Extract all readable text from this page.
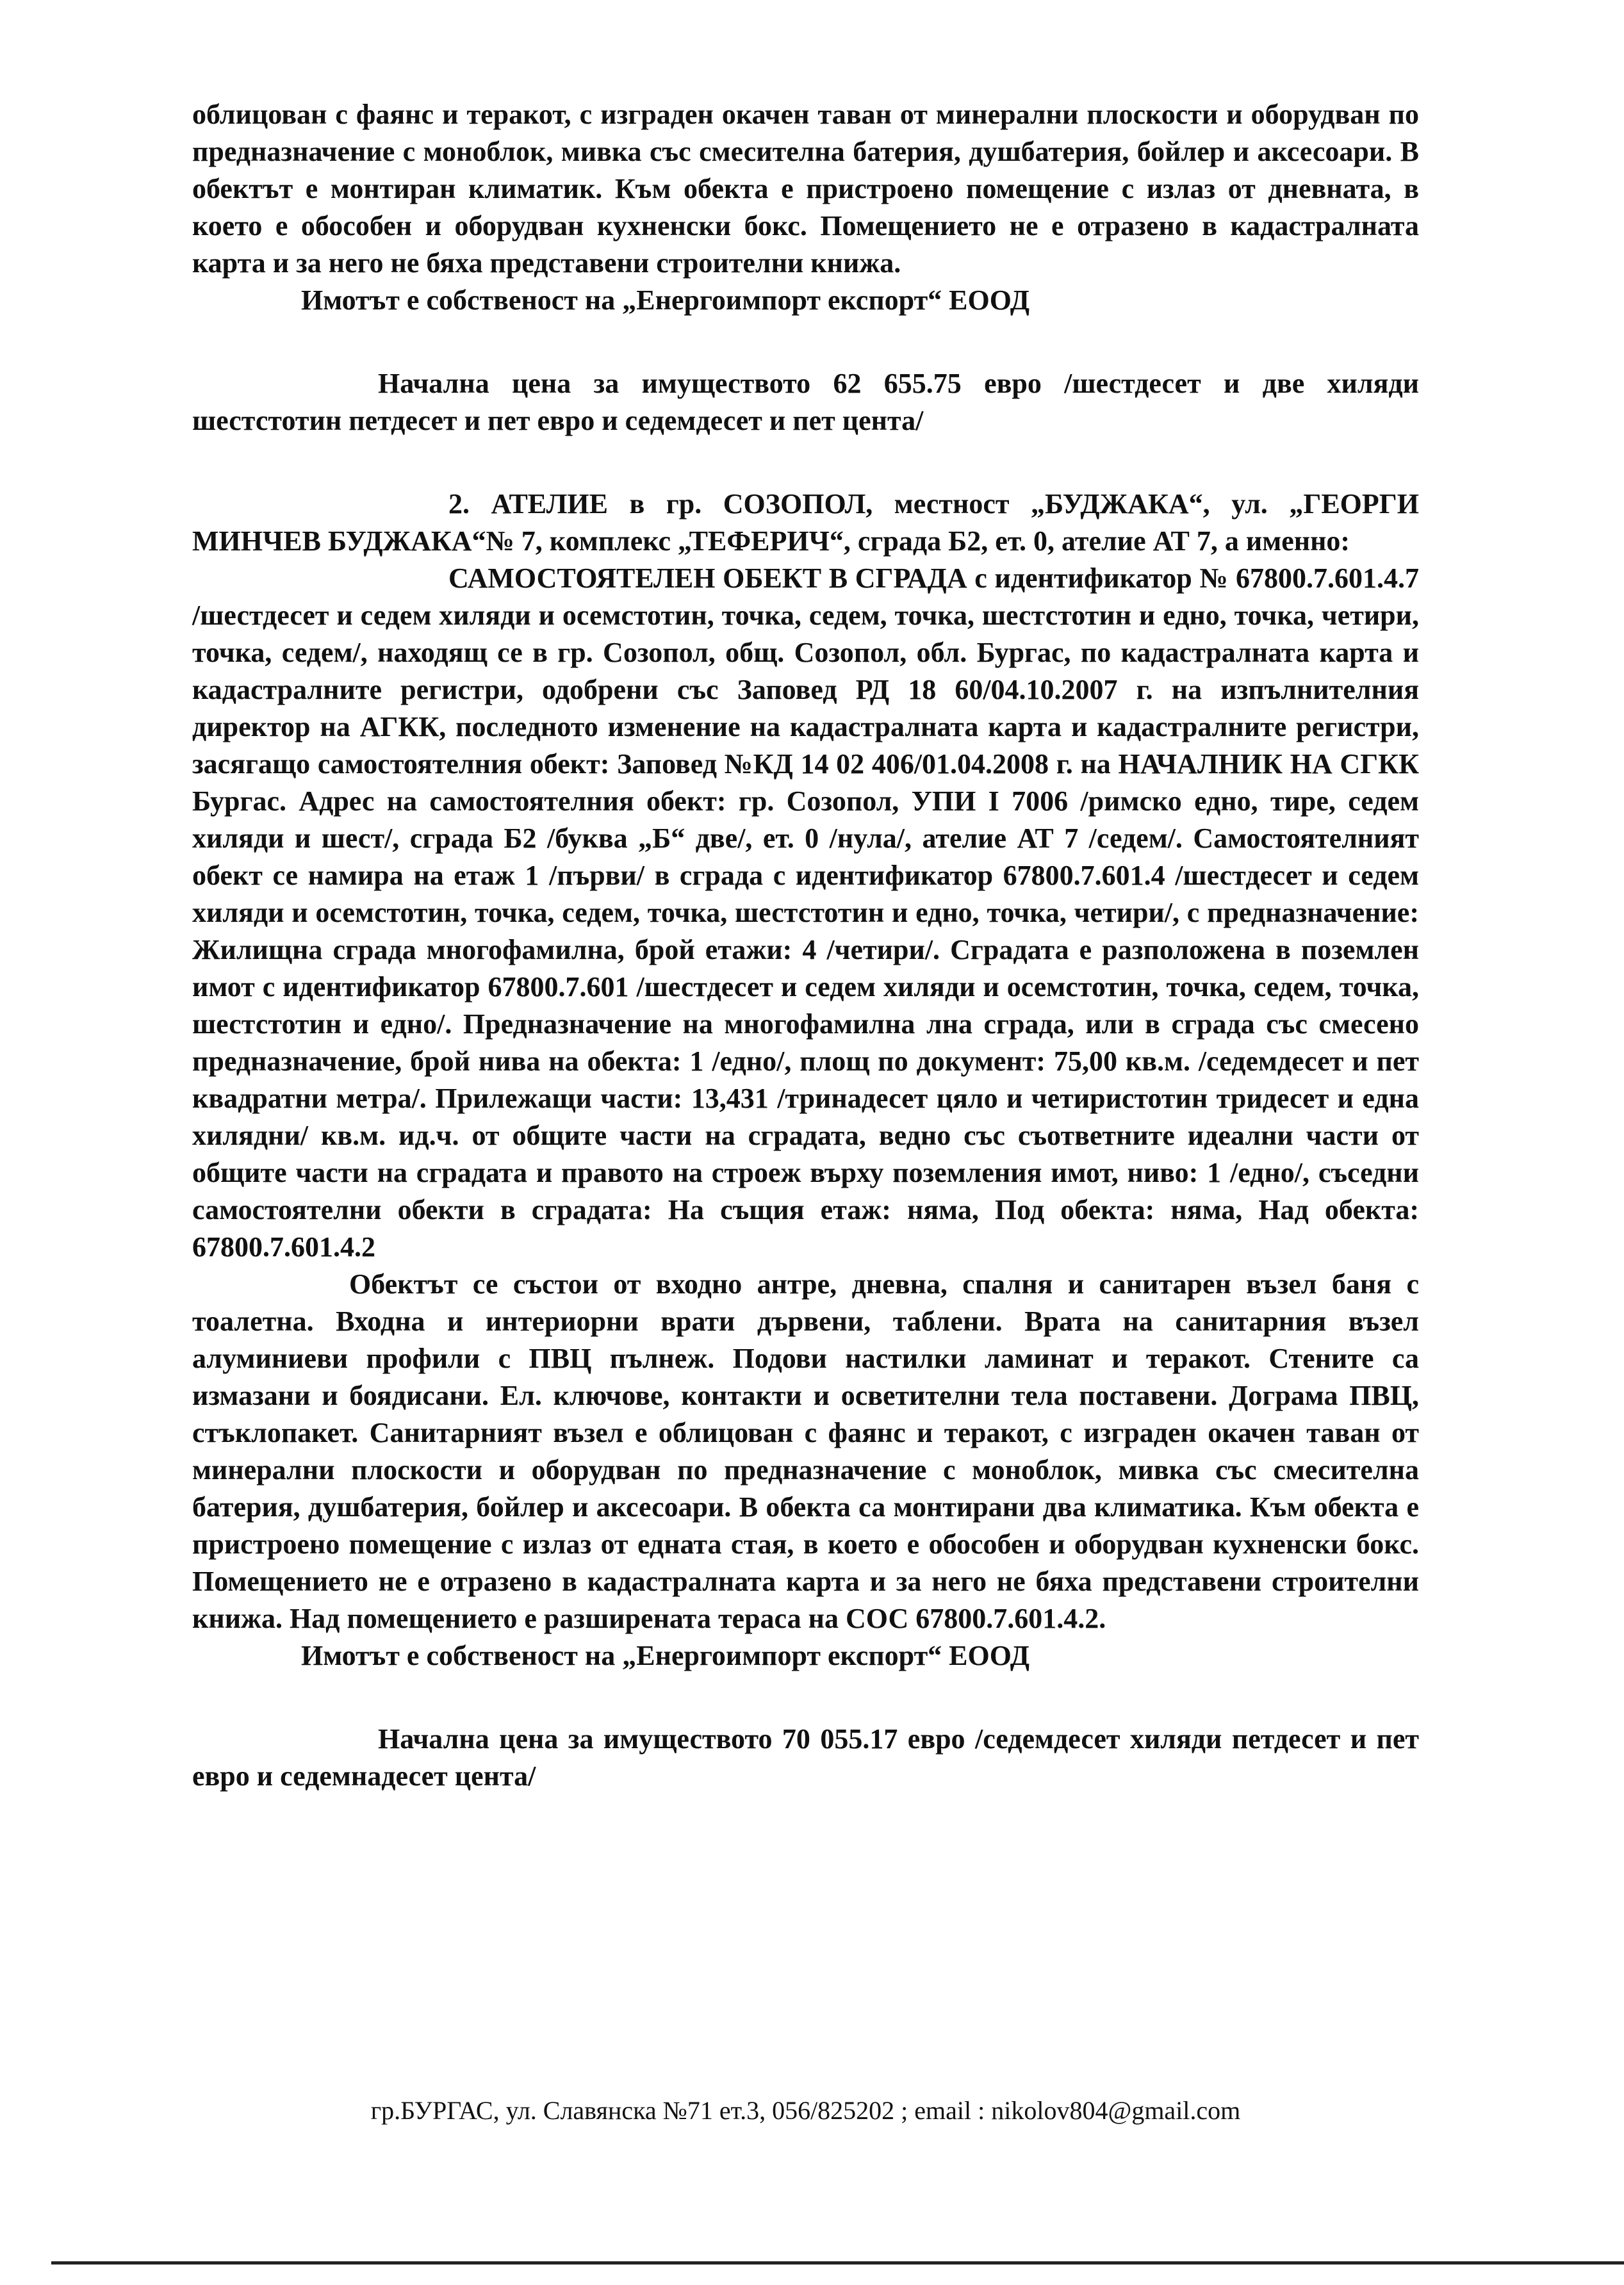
облицован с фаянс и теракот, с изграден окачен таван от минерални плоскости и оборудван по предназначение с моноблок, мивка със смесителна батерия, душбатерия, бойлер и аксесоари. В обектът е монтиран климатик. Към обекта е пристроено помещение с излаз от дневната, в което е обособен и оборудван кухненски бокс. Помещението не е отразено в кадастралната карта и за него не бяха представени строителни книжа.

Имотът е собственост на „Енергоимпорт експорт“ ЕООД

Начална цена за имуществото 62 655.75 евро /шестдесет и две хиляди шестстотин петдесет и пет евро и седемдесет и пет цента/

2. АТЕЛИЕ в гр. СОЗОПОЛ, местност „БУДЖАКА“, ул. „ГЕОРГИ МИНЧЕВ БУДЖАКА“№ 7, комплекс „ТЕФЕРИЧ“, сграда Б2, ет. 0, ателие АТ 7, а именно:

САМОСТОЯТЕЛЕН ОБЕКТ В СГРАДА с идентификатор № 67800.7.601.4.7 /шестдесет и седем хиляди и осемстотин, точка, седем, точка, шестстотин и едно, точка, четири, точка, седем/, находящ се в гр. Созопол, общ. Созопол, обл. Бургас, по кадастралната карта и кадастралните регистри, одобрени със Заповед РД 18 60/04.10.2007 г. на изпълнителния директор на АГКК, последното изменение на кадастралната карта и кадастралните регистри, засягащо самостоятелния обект: Заповед №КД 14 02 406/01.04.2008 г. на НАЧАЛНИК НА СГКК Бургас. Адрес на самостоятелния обект: гр. Созопол, УПИ I 7006 /римско едно, тире, седем хиляди и шест/, сграда Б2 /буква „Б“ две/, ет. 0 /нула/, ателие АТ 7 /седем/. Самостоятелният обект се намира на етаж 1 /първи/ в сграда с идентификатор 67800.7.601.4 /шестдесет и седем хиляди и осемстотин, точка, седем, точка, шестстотин и едно, точка, четири/, с предназначение: Жилищна сграда многофамилна, брой етажи: 4 /четири/. Сградата е разположена в поземлен имот с идентификатор 67800.7.601 /шестдесет и седем хиляди и осемстотин, точка, седем, точка, шестстотин и едно/. Предназначение на многофамилна лна сграда, или в сграда със смесено предназначение, брой нива на обекта: 1 /едно/, площ по документ: 75,00 кв.м. /седемдесет и пет квадратни метра/. Прилежащи части: 13,431 /тринадесет цяло и четиристотин тридесет и една хилядни/ кв.м. ид.ч. от общите части на сградата, ведно със съответните идеални части от общите части на сградата и правото на строеж върху поземления имот, ниво: 1 /едно/, съседни самостоятелни обекти в сградата: На същия етаж: няма, Под обекта: няма, Над обекта: 67800.7.601.4.2

Обектът се състои от входно антре, дневна, спалня и санитарен възел баня с тоалетна. Входна и интериорни врати дървени, таблени. Врата на санитарния възел алуминиеви профили с ПВЦ пълнеж. Подови настилки ламинат и теракот. Стените са измазани и боядисани. Ел. ключове, контакти и осветителни тела поставени. Дограма ПВЦ, стъклопакет. Санитарният възел е облицован с фаянс и теракот, с изграден окачен таван от минерални плоскости и оборудван по предназначение с моноблок, мивка със смесителна батерия, душбатерия, бойлер и аксесоари. В обекта са монтирани два климатика. Към обекта е пристроено помещение с излаз от едната стая, в което е обособен и оборудван кухненски бокс. Помещението не е отразено в кадастралната карта и за него не бяха представени строителни книжа. Над помещението е разширената тераса на СОС 67800.7.601.4.2.

Имотът е собственост на „Енергоимпорт експорт“ ЕООД

Начална цена за имуществото 70 055.17 евро /седемдесет хиляди петдесет и пет евро и седемнадесет цента/

гр.БУРГАС, ул. Славянска №71 ет.3, 056/825202 ; email : nikolov804@gmail.com
